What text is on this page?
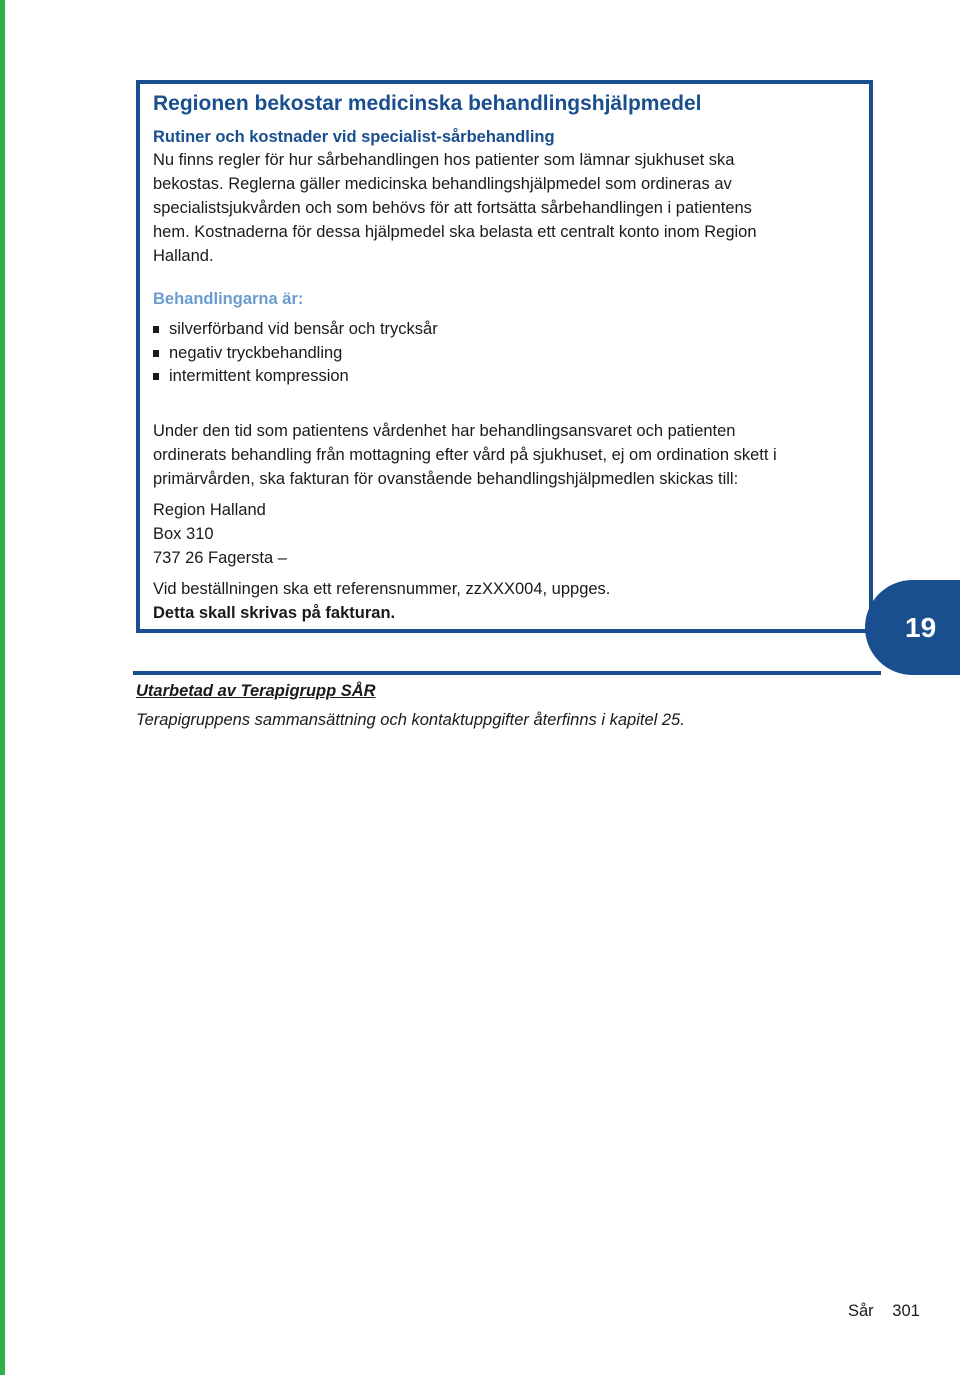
Regionen bekostar medicinska behandlingshjälpmedel
Rutiner och kostnader vid specialist-sårbehandling

Nu finns regler för hur sårbehandlingen hos patienter som lämnar sjukhuset ska
bekostas. Reglerna gäller medicinska behandlingshjälpmedel som ordineras av
specialistsjukvården och som behövs för att fortsätta sårbehandlingen i patientens
hem. Kostnaderna för dessa hjälpmedel ska belasta ett centralt konto inom Region
Halland.

Behandlingarna är:
silverförband vid bensår och trycksår
negativ tryckbehandling
intermittent kompression

Under den tid som patientens vårdenhet har behandlingsansvaret och patienten
ordinerats behandling från mottagning efter vård på sjukhuset, ej om ordination skett i
primärvården, ska fakturan för ovanstående behandlingshjälpmedlen skickas till:

Region Halland
Box 310
737 26 Fagersta –

Vid beställningen ska ett referensnummer, zzXXX004, uppges.
Detta skall skrivas på fakturan.	19

Utarbetad av Terapigrupp SÅR

Terapigruppens sammansättning och kontaktuppgifter återfinns i kapitel 25.

Sår 301
